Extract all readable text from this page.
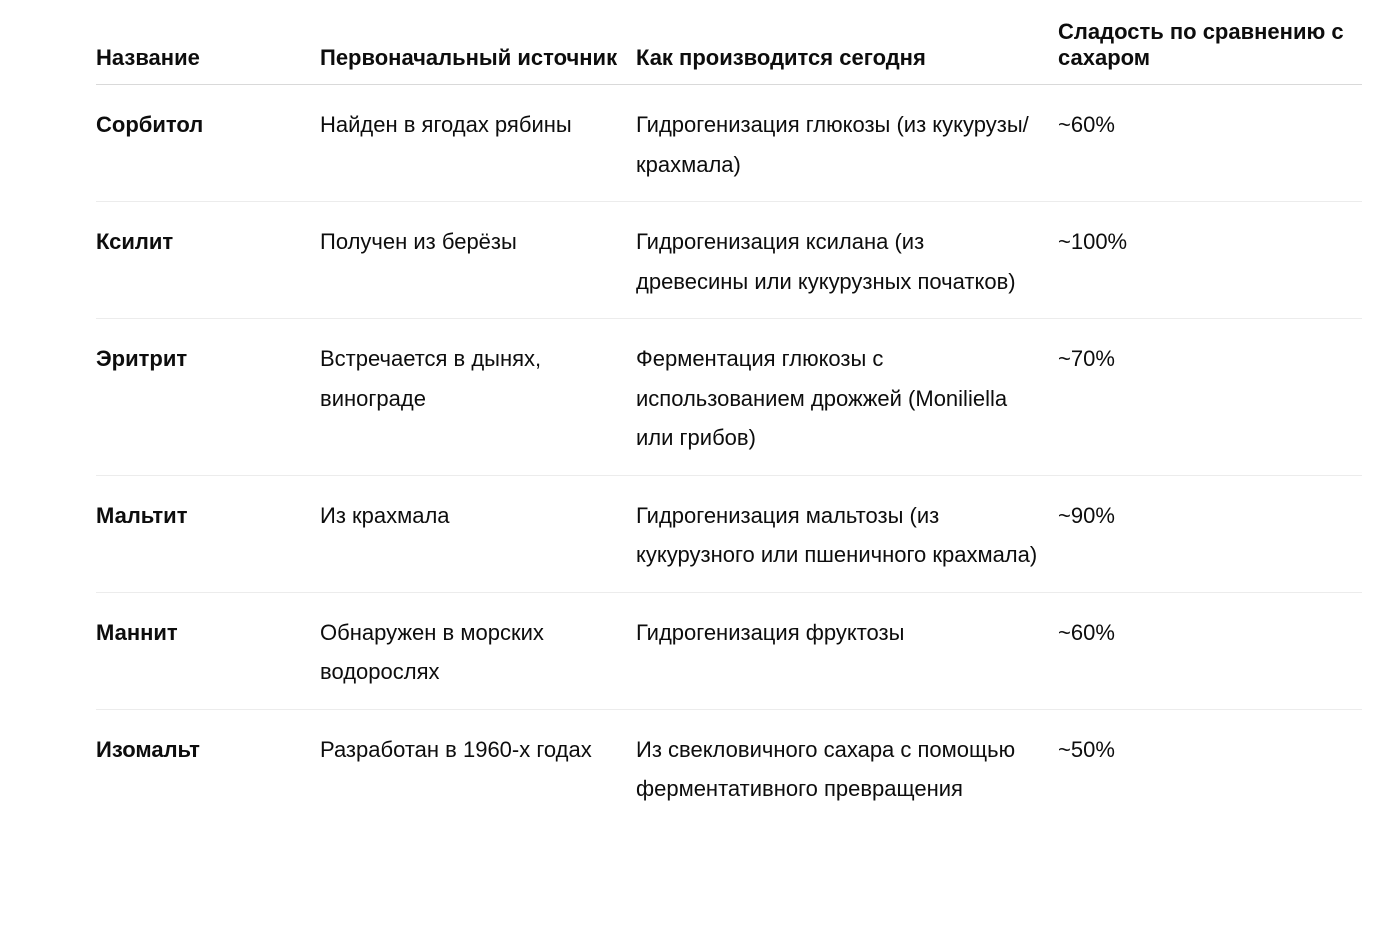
Название	Первоначальный источник	Как производится сегодня	Сладость по сравнению с сахаром
Сорбитол	Найден в ягодах рябины	Гидрогенизация глюкозы (из кукурузы/крахмала)	~60%
Ксилит	Получен из берёзы	Гидрогенизация ксилана (из древесины или кукурузных початков)	~100%
Эритрит	Встречается в дынях, винограде	Ферментация глюкозы с использованием дрожжей (Moniliella или грибов)	~70%
Мальтит	Из крахмала	Гидрогенизация мальтозы (из кукурузного или пшеничного крахмала)	~90%
Маннит	Обнаружен в морских водорослях	Гидрогенизация фруктозы	~60%
Изомальт	Разработан в 1960-х годах	Из свекловичного сахара с помощью ферментативного превращения	~50%
